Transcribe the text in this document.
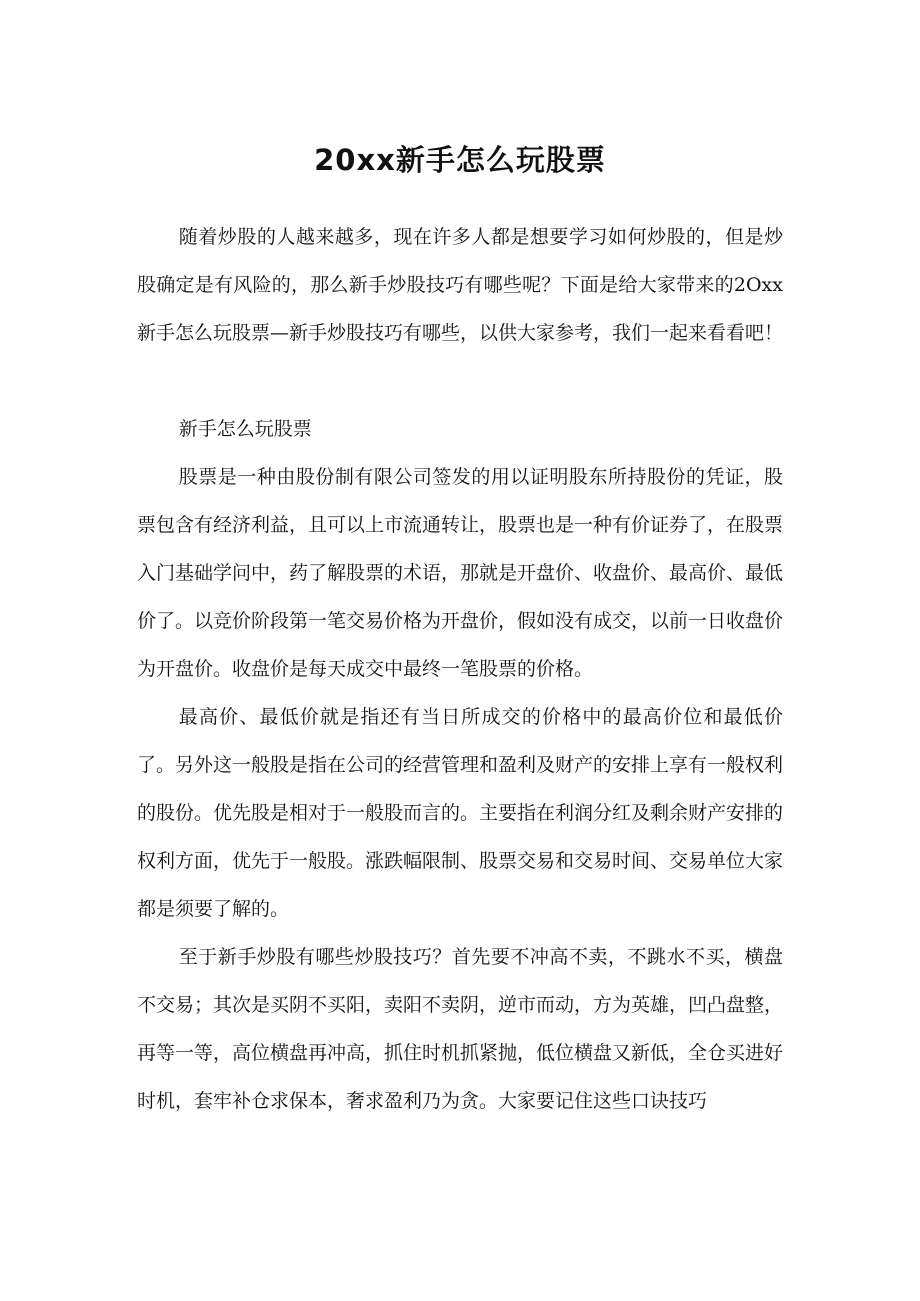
20xx新手怎么玩股票

随着炒股的人越来越多，现在许多人都是想要学习如何炒股的，但是炒股确定是有风险的，那么新手炒股技巧有哪些呢？下面是给大家带来的2Oxx新手怎么玩股票—新手炒股技巧有哪些，以供大家参考，我们一起来看看吧！

新手怎么玩股票

股票是一种由股份制有限公司签发的用以证明股东所持股份的凭证，股票包含有经济利益，且可以上市流通转让，股票也是一种有价证券了，在股票入门基础学问中，药了解股票的术语，那就是开盘价、收盘价、最高价、最低价了。以竞价阶段第一笔交易价格为开盘价，假如没有成交，以前一日收盘价为开盘价。收盘价是每天成交中最终一笔股票的价格。

最高价、最低价就是指还有当日所成交的价格中的最高价位和最低价了。另外这一般股是指在公司的经营管理和盈利及财产的安排上享有一般权利的股份。优先股是相对于一般股而言的。主要指在利润分红及剩余财产安排的权利方面，优先于一般股。涨跌幅限制、股票交易和交易时间、交易单位大家都是须要了解的。

至于新手炒股有哪些炒股技巧？首先要不冲高不卖，不跳水不买，横盘不交易；其次是买阴不买阳，卖阳不卖阴，逆市而动，方为英雄，凹凸盘整，再等一等，高位横盘再冲高，抓住时机抓紧抛，低位横盘又新低，全仓买进好时机，套牢补仓求保本，奢求盈利乃为贪。大家要记住这些口诀技巧
